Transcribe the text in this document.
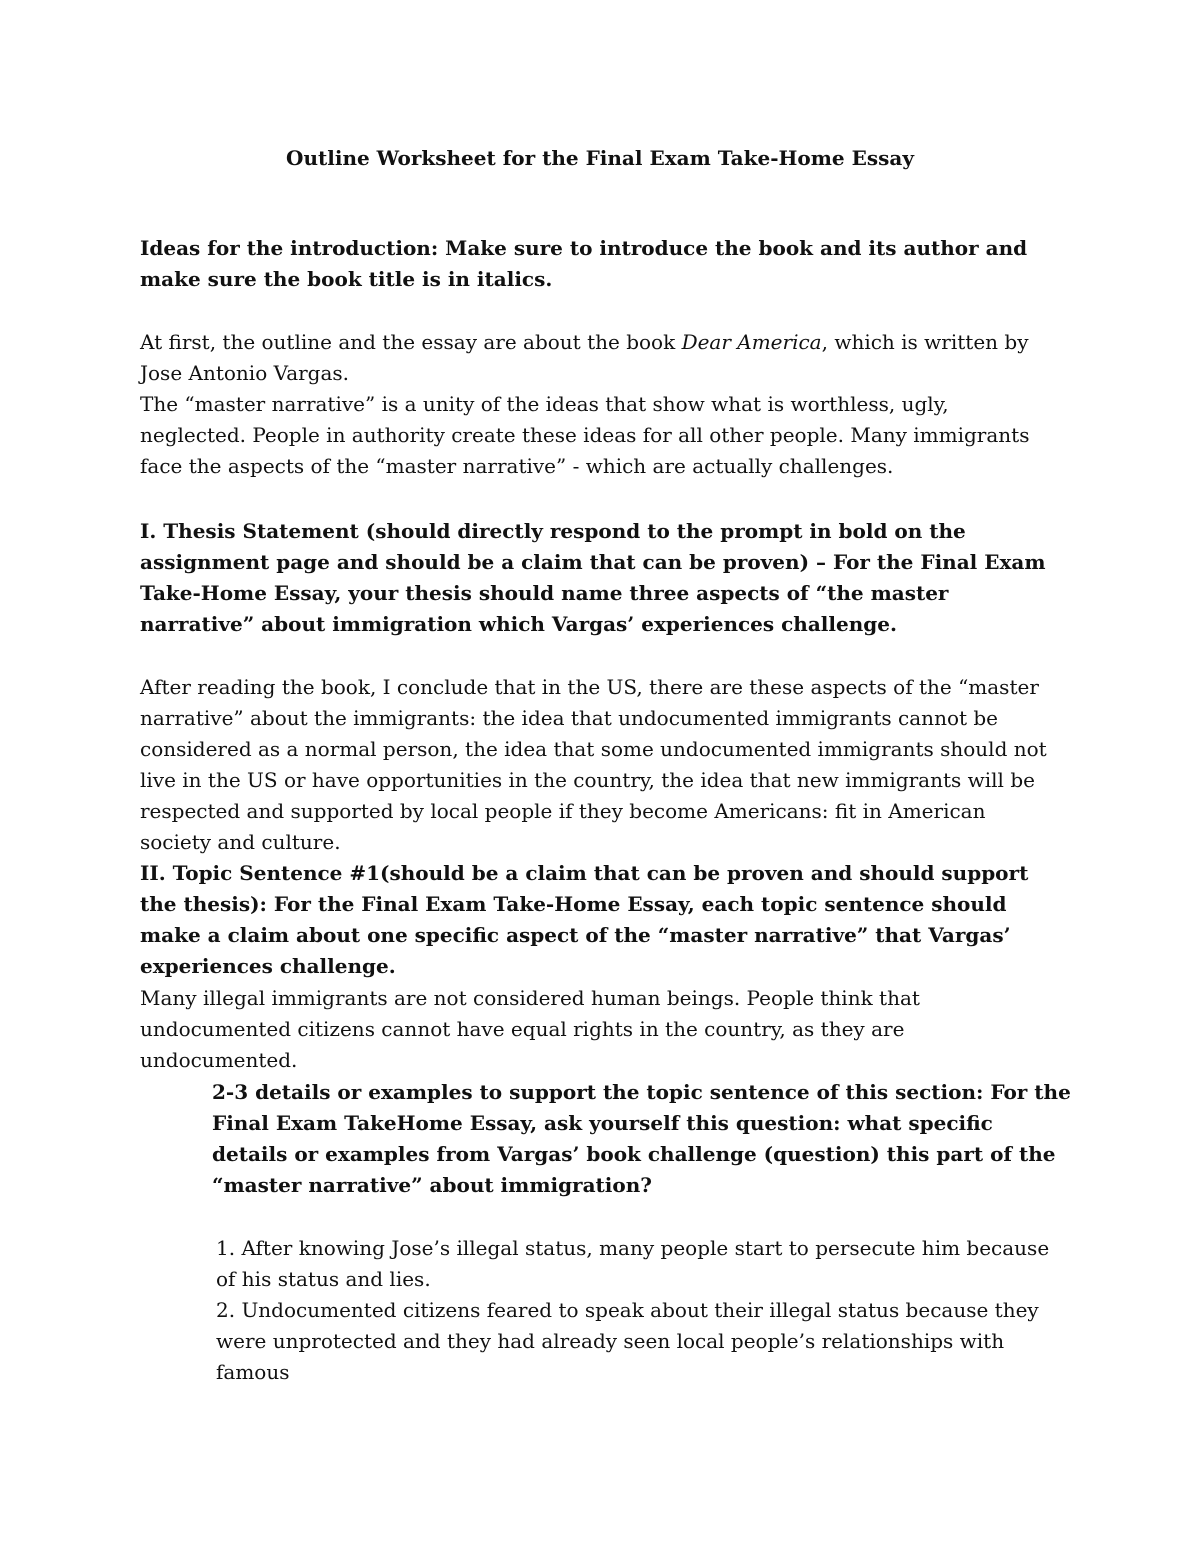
Outline Worksheet for the Final Exam Take-Home Essay

Ideas for the introduction: Make sure to introduce the book and its author and make sure the book title is in italics.

At first, the outline and the essay are about the book Dear America, which is written by Jose Antonio Vargas.

The “master narrative” is a unity of the ideas that show what is worthless, ugly, neglected. People in authority create these ideas for all other people. Many immigrants face the aspects of the “master narrative” - which are actually challenges.

I. Thesis Statement (should directly respond to the prompt in bold on the assignment page and should be a claim that can be proven) – For the Final Exam Take-Home Essay, your thesis should name three aspects of “the master narrative” about immigration which Vargas’ experiences challenge.

After reading the book, I conclude that in the US, there are these aspects of the “master narrative” about the immigrants: the idea that undocumented immigrants cannot be considered as a normal person, the idea that some undocumented immigrants should not live in the US or have opportunities in the country, the idea that new immigrants will be respected and supported by local people if they become Americans: fit in American society and culture.

II. Topic Sentence #1(should be a claim that can be proven and should support the thesis): For the Final Exam Take-Home Essay, each topic sentence should make a claim about one specific aspect of the “master narrative” that Vargas’ experiences challenge.

Many illegal immigrants are not considered human beings. People think that undocumented citizens cannot have equal rights in the country, as they are undocumented.

2-3 details or examples to support the topic sentence of this section: For the Final Exam TakeHome Essay, ask yourself this question: what specific details or examples from Vargas’ book challenge (question) this part of the “master narrative” about immigration?

1. After knowing Jose’s illegal status, many people start to persecute him because of his status and lies.

2. Undocumented citizens feared to speak about their illegal status because they were unprotected and they had already seen local people’s relationships with famous
